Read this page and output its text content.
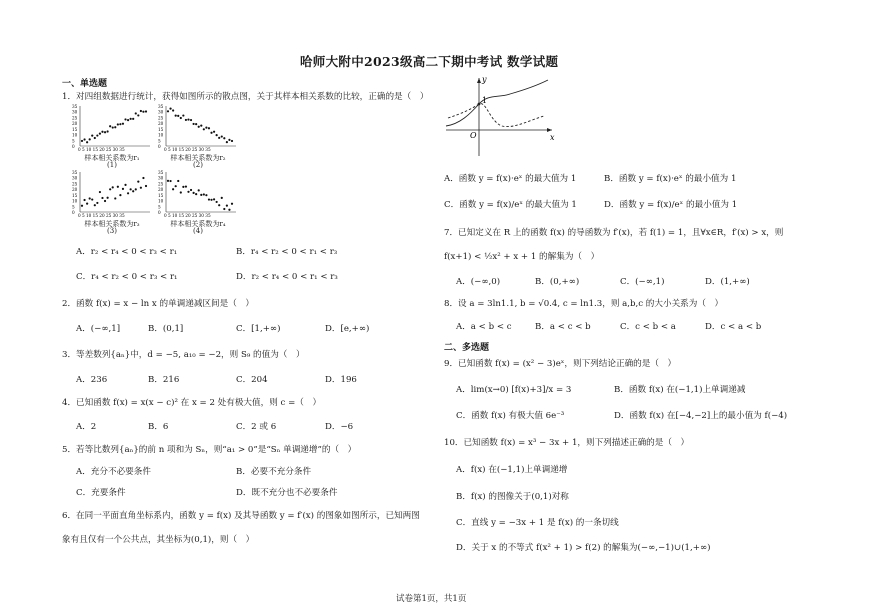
哈师大附中2023级高二下期中考试 数学试题
一、单选题
1．对四组数据进行统计，获得如图所示的散点图，关于其样本相关系数的比较，正确的是（　）
35
30
25
20
15
10
5
0
0 5 10 15 20 25 30 35
35
30
25
20
15
10
5
0
0 5 10 15 20 25 30 35
35
30
25
20
15
10
5
0
0 5 10 15 20 25 30 35
35
30
25
20
15
10
5
0
0 5 10 15 20 25 30 35
样本相关系数为r₁
(1)
样本相关系数为r₂
(2)
样本相关系数为r₃
(3)
样本相关系数为r₄
(4)
A．r₂ < r₄ < 0 < r₃ < r₁	B．r₄ < r₂ < 0 < r₁ < r₃
C．r₄ < r₂ < 0 < r₃ < r₁	D．r₂ < r₄ < 0 < r₁ < r₃
2．函数 f(x) = x − ln x 的单调递减区间是（　）
A．(−∞,1]	B．(0,1]	C．[1,+∞)	D．[e,+∞)
3．等差数列{aₙ}中，d = −5, a₁₀ = −2，则 S₉ 的值为（　）
A．236	B．216	C．204	D．196
4．已知函数 f(x) = x(x − c)² 在 x = 2 处有极大值，则 c =（　）
A．2	B．6	C．2 或 6	D．−6
5．若等比数列{aₙ}的前 n 项和为 Sₙ，则“a₁ > 0”是“Sₙ 单调递增”的（　）
A．充分不必要条件	B．必要不充分条件
C．充要条件	D．既不充分也不必要条件
6．在同一平面直角坐标系内，函数 y = f(x) 及其导函数 y = f′(x) 的图象如图所示，已知两图
象有且仅有一个公共点，其坐标为(0,1)，则（　）
1
O	x
y
A．函数 y = f(x)·eˣ 的最大值为 1	B．函数 y = f(x)·eˣ 的最小值为 1
C．函数 y = f(x)/eˣ 的最大值为 1	D．函数 y = f(x)/eˣ 的最小值为 1
7．已知定义在 R 上的函数 f(x) 的导函数为 f′(x)，若 f(1) = 1，且∀x∈R，f′(x) > x，则
f(x+1) < ½x² + x + 1 的解集为（　）
A．(−∞,0)	B．(0,+∞)	C．(−∞,1)	D．(1,+∞)
8．设 a = 3ln1.1, b = √0.4, c = ln1.3，则 a,b,c 的大小关系为（　）
A．a < b < c	B．a < c < b	C．c < b < a	D．c < a < b
二、多选题
9．已知函数 f(x) = (x² − 3)eˣ，则下列结论正确的是（　）
A．lim(x→0) [f(x)+3]/x = 3	B．函数 f(x) 在(−1,1)上单调递减
C．函数 f(x) 有极大值 6e⁻³	D．函数 f(x) 在[−4,−2]上的最小值为 f(−4)
10．已知函数 f(x) = x³ − 3x + 1，则下列描述正确的是（　）
A．f(x) 在(−1,1)上单调递增
B．f(x) 的图像关于(0,1)对称
C．直线 y = −3x + 1 是 f(x) 的一条切线
D．关于 x 的不等式 f(x² + 1) > f(2) 的解集为(−∞,−1)∪(1,+∞)
试卷第1页，共1页
